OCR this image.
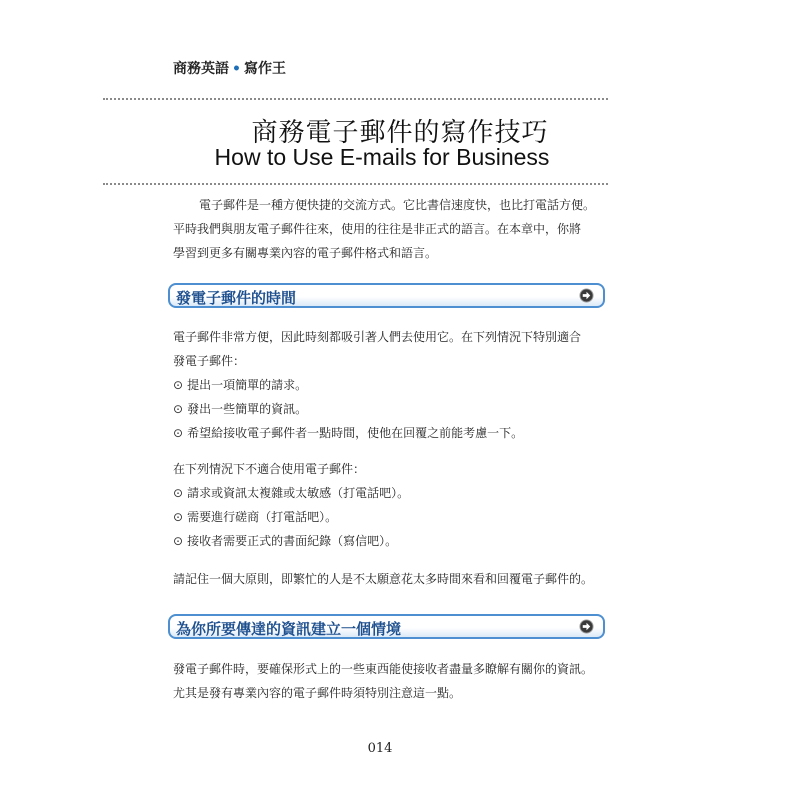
商務英語 • 寫作王
商務電子郵件的寫作技巧
How to Use E-mails for Business
電子郵件是一種方便快捷的交流方式。它比書信速度快，也比打電話方便。
平時我們與朋友電子郵件往來，使用的往往是非正式的語言。在本章中，你將
學習到更多有關專業內容的電子郵件格式和語言。
發電子郵件的時間
電子郵件非常方便，因此時刻都吸引著人們去使用它。在下列情況下特別適合
發電子郵件：
⊙ 提出一項簡單的請求。
⊙ 發出一些簡單的資訊。
⊙ 希望給接收電子郵件者一點時間，使他在回覆之前能考慮一下。
在下列情況下不適合使用電子郵件：
⊙ 請求或資訊太複雜或太敏感（打電話吧）。
⊙ 需要進行磋商（打電話吧）。
⊙ 接收者需要正式的書面紀錄（寫信吧）。
請記住一個大原則，即繁忙的人是不太願意花太多時間來看和回覆電子郵件的。
為你所要傳達的資訊建立一個情境
發電子郵件時，要確保形式上的一些東西能使接收者盡量多瞭解有關你的資訊。
尤其是發有專業內容的電子郵件時須特別注意這一點。
014
